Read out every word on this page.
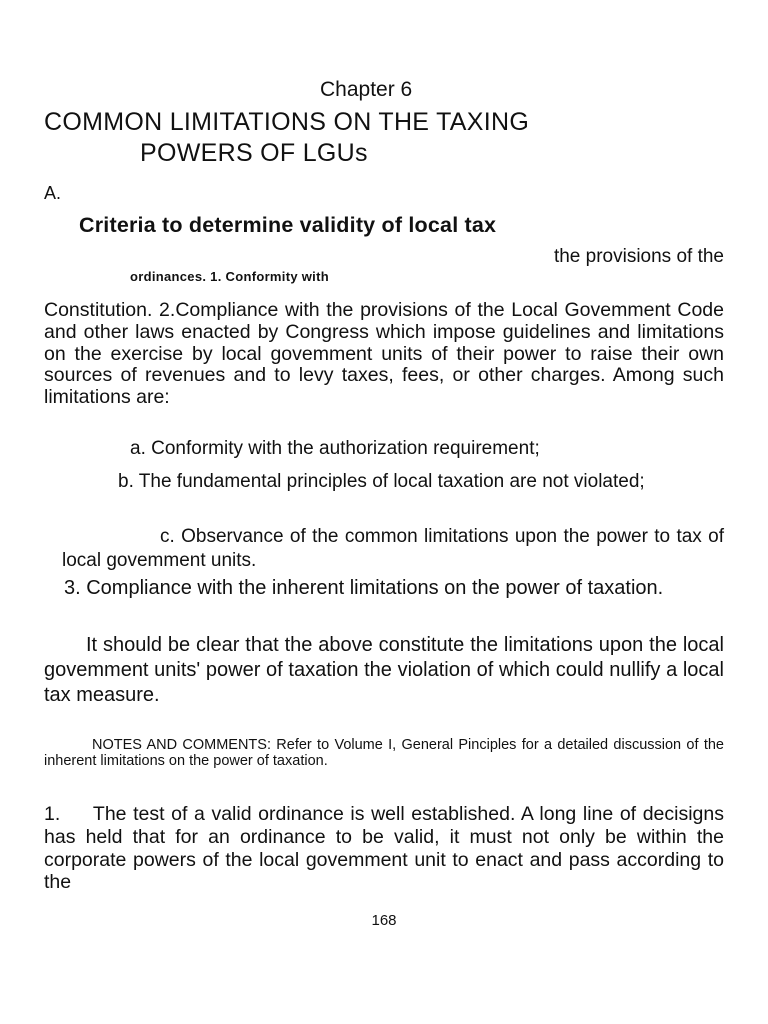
Chapter 6
COMMON LIMITATIONS ON THE TAXING
POWERS OF LGUs
A.
Criteria to determine validity of local tax
the provisions of the
ordinances. 1. Conformity with

Constitution. 2.Compliance with the provisions of the Local Govemment Code and other laws enacted by Congress which impose guidelines and limitations on the exercise by local govemment units of their power to raise their own sources of revenues and to levy taxes, fees, or other charges. Among such limitations are:

a. Conformity with the authorization requirement;

b. The fundamental principles of local taxation are not violated;

c. Observance of the common limitations upon the power to tax of local govemment units.

3. Compliance with the inherent limitations on the power of taxation.

It should be clear that the above constitute the limitations upon the local govemment units' power of taxation the violation of which could nullify a local tax measure.

NOTES AND COMMENTS: Refer to Volume I, General Pinciples for a detailed discussion of the inherent limitations on the power of taxation.

1.     The test of a valid ordinance is well established. A long line of decisigns has held that for an ordinance to be valid, it must not only be within the corporate powers of the local govemment unit to enact and pass according to the

168
